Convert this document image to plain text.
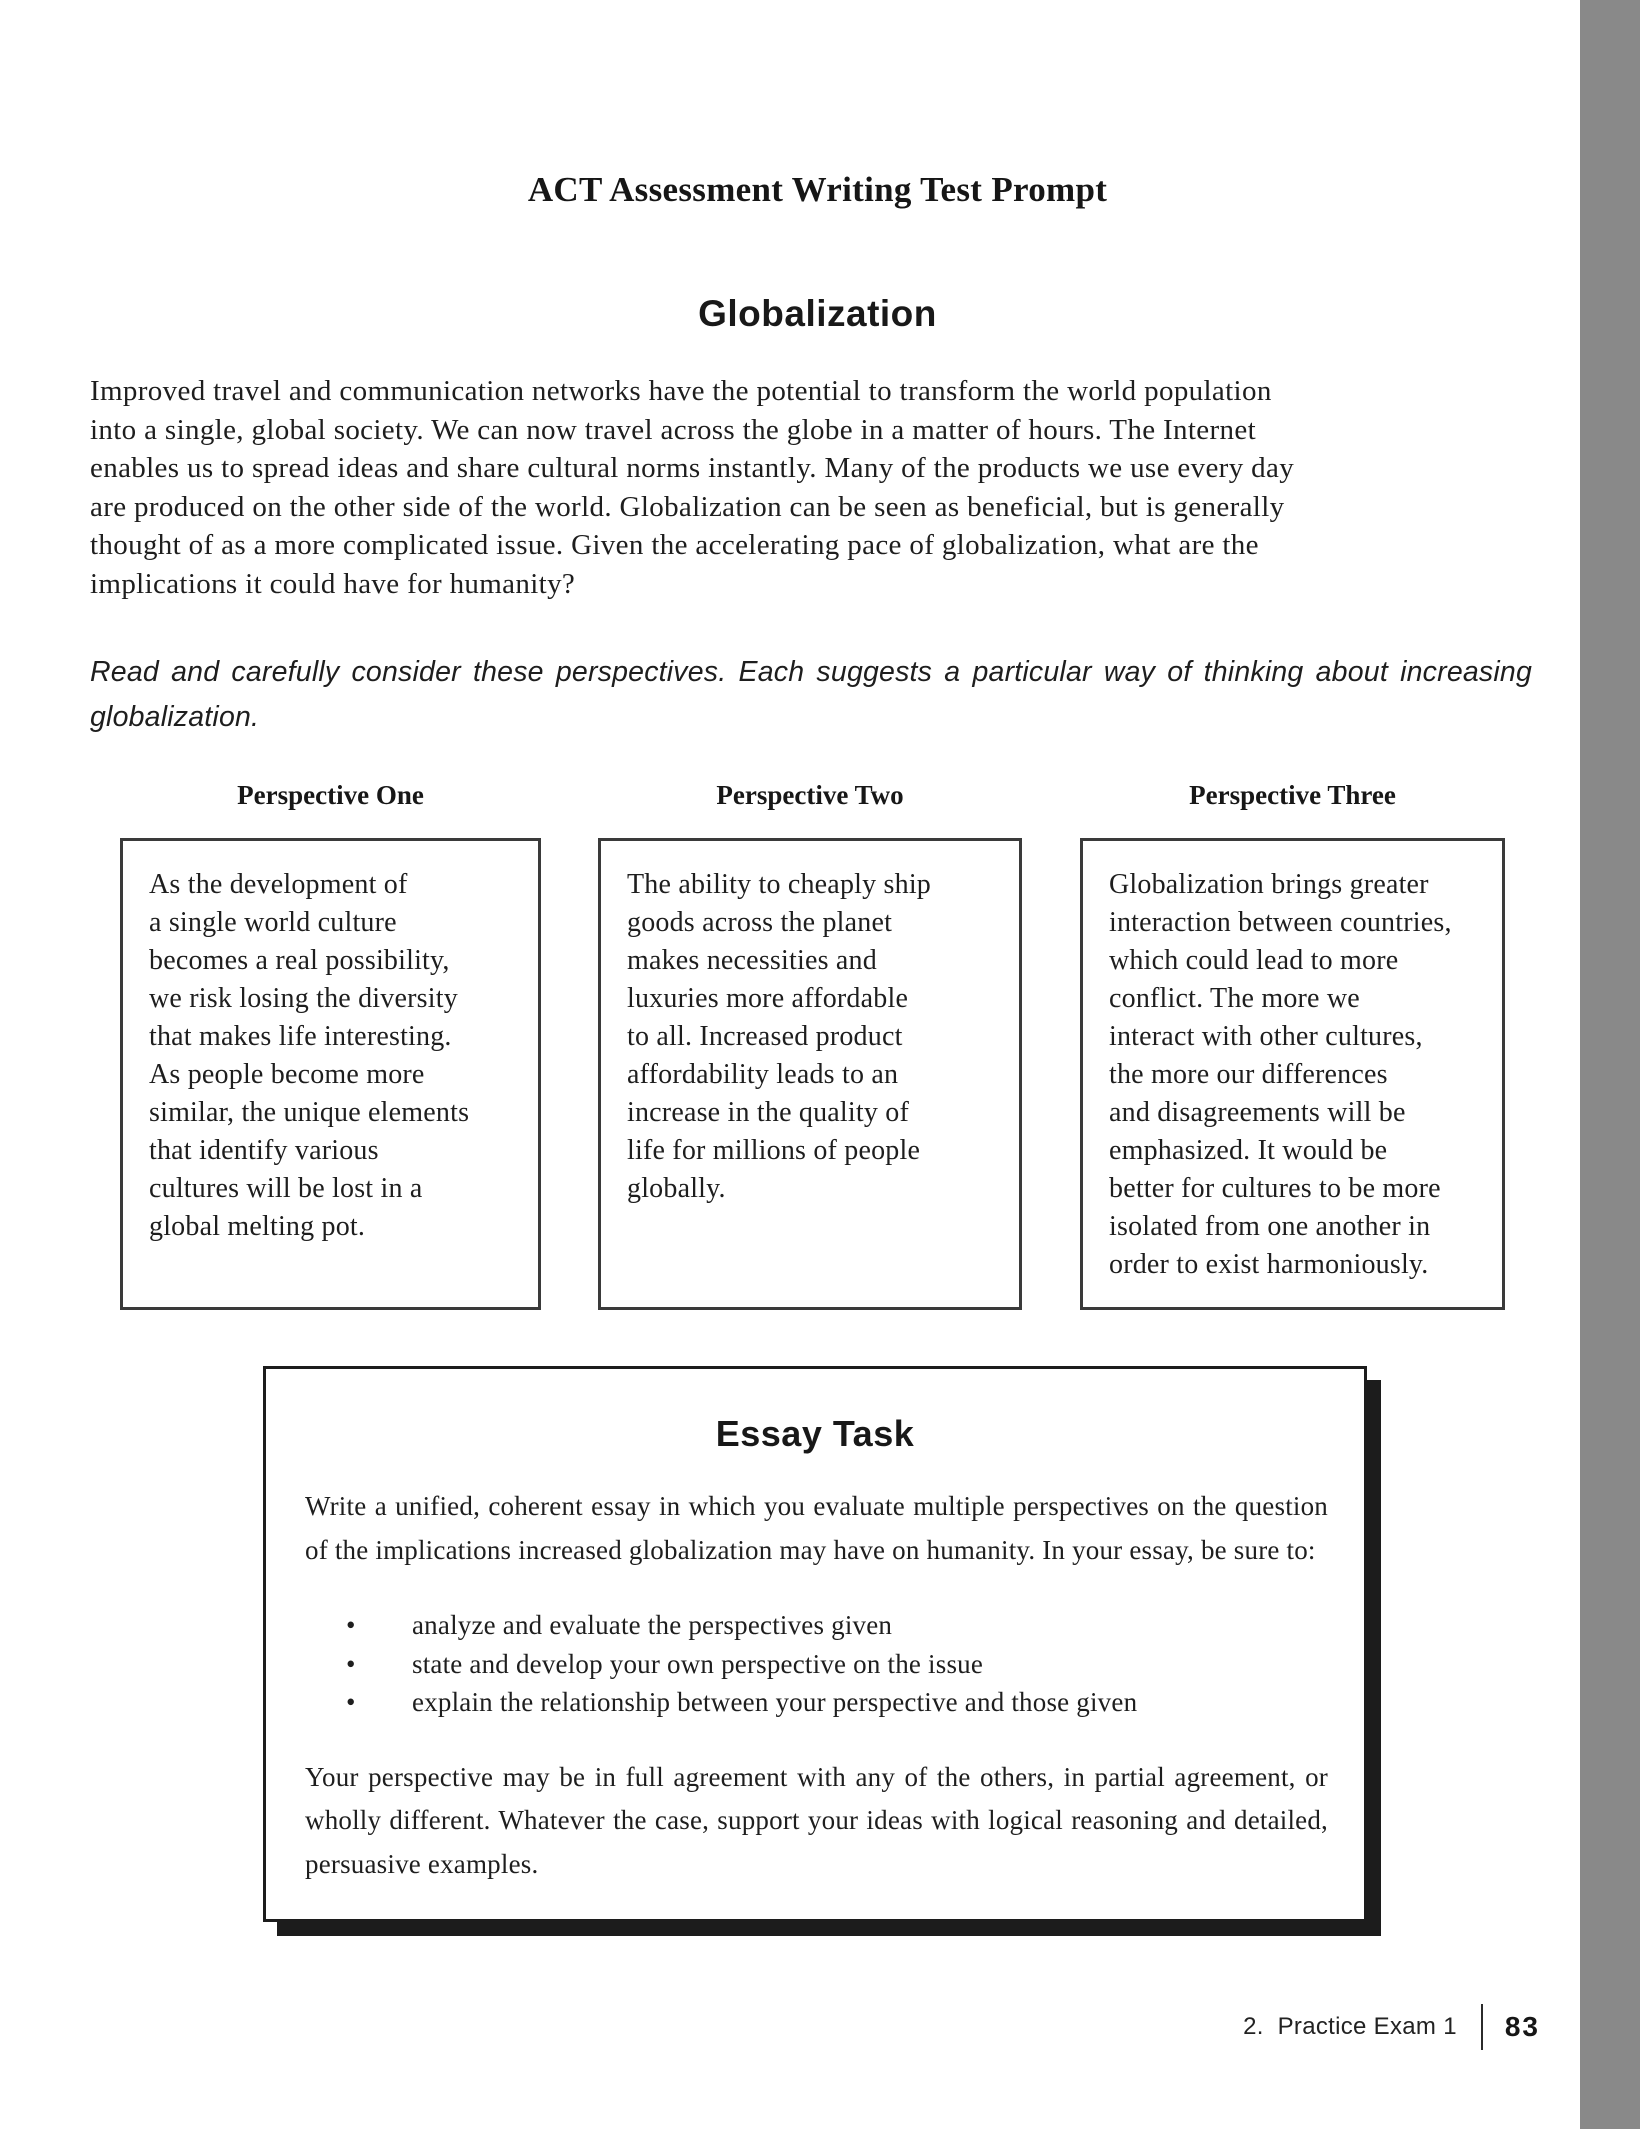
ACT Assessment Writing Test Prompt
Globalization
Improved travel and communication networks have the potential to transform the world population
into a single, global society. We can now travel across the globe in a matter of hours. The Internet
enables us to spread ideas and share cultural norms instantly. Many of the products we use every day
are produced on the other side of the world. Globalization can be seen as beneficial, but is generally
thought of as a more complicated issue. Given the accelerating pace of globalization, what are the
implications it could have for humanity?
Read and carefully consider these perspectives. Each suggests a particular way of thinking about increasing globalization.
Perspective One
As the development of
a single world culture
becomes a real possibility,
we risk losing the diversity
that makes life interesting.
As people become more
similar, the unique elements
that identify various
cultures will be lost in a
global melting pot.
Perspective Two
The ability to cheaply ship
goods across the planet
makes necessities and
luxuries more affordable
to all. Increased product
affordability leads to an
increase in the quality of
life for millions of people
globally.
Perspective Three
Globalization brings greater
interaction between countries,
which could lead to more
conflict. The more we
interact with other cultures,
the more our differences
and disagreements will be
emphasized. It would be
better for cultures to be more
isolated from one another in
order to exist harmoniously.
Essay Task

Write a unified, coherent essay in which you evaluate multiple perspectives on the question of the implications increased globalization may have on humanity. In your essay, be sure to:

•	analyze and evaluate the perspectives given
•	state and develop your own perspective on the issue
•	explain the relationship between your perspective and those given

Your perspective may be in full agreement with any of the others, in partial agreement, or wholly different. Whatever the case, support your ideas with logical reasoning and detailed, persuasive examples.

2.  Practice Exam 1 83
